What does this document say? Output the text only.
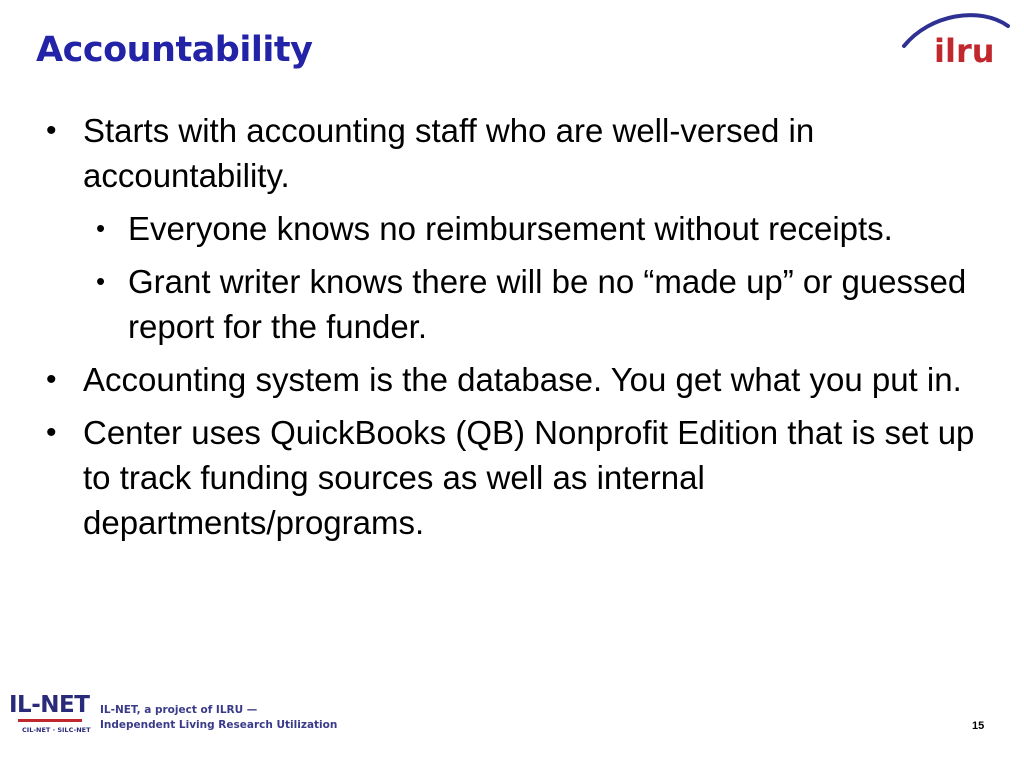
Accountability	ilru
• Starts with accounting staff who are well-versed in accountability.
• Everyone knows no reimbursement without receipts.
• Grant writer knows there will be no “made up” or guessed report for the funder.
• Accounting system is the database. You get what you put in.
• Center uses QuickBooks (QB) Nonprofit Edition that is set up to track funding sources as well as internal departments/programs.
IL-NET
CIL-NET · SILC-NET
IL-NET, a project of ILRU —
Independent Living Research Utilization	15
